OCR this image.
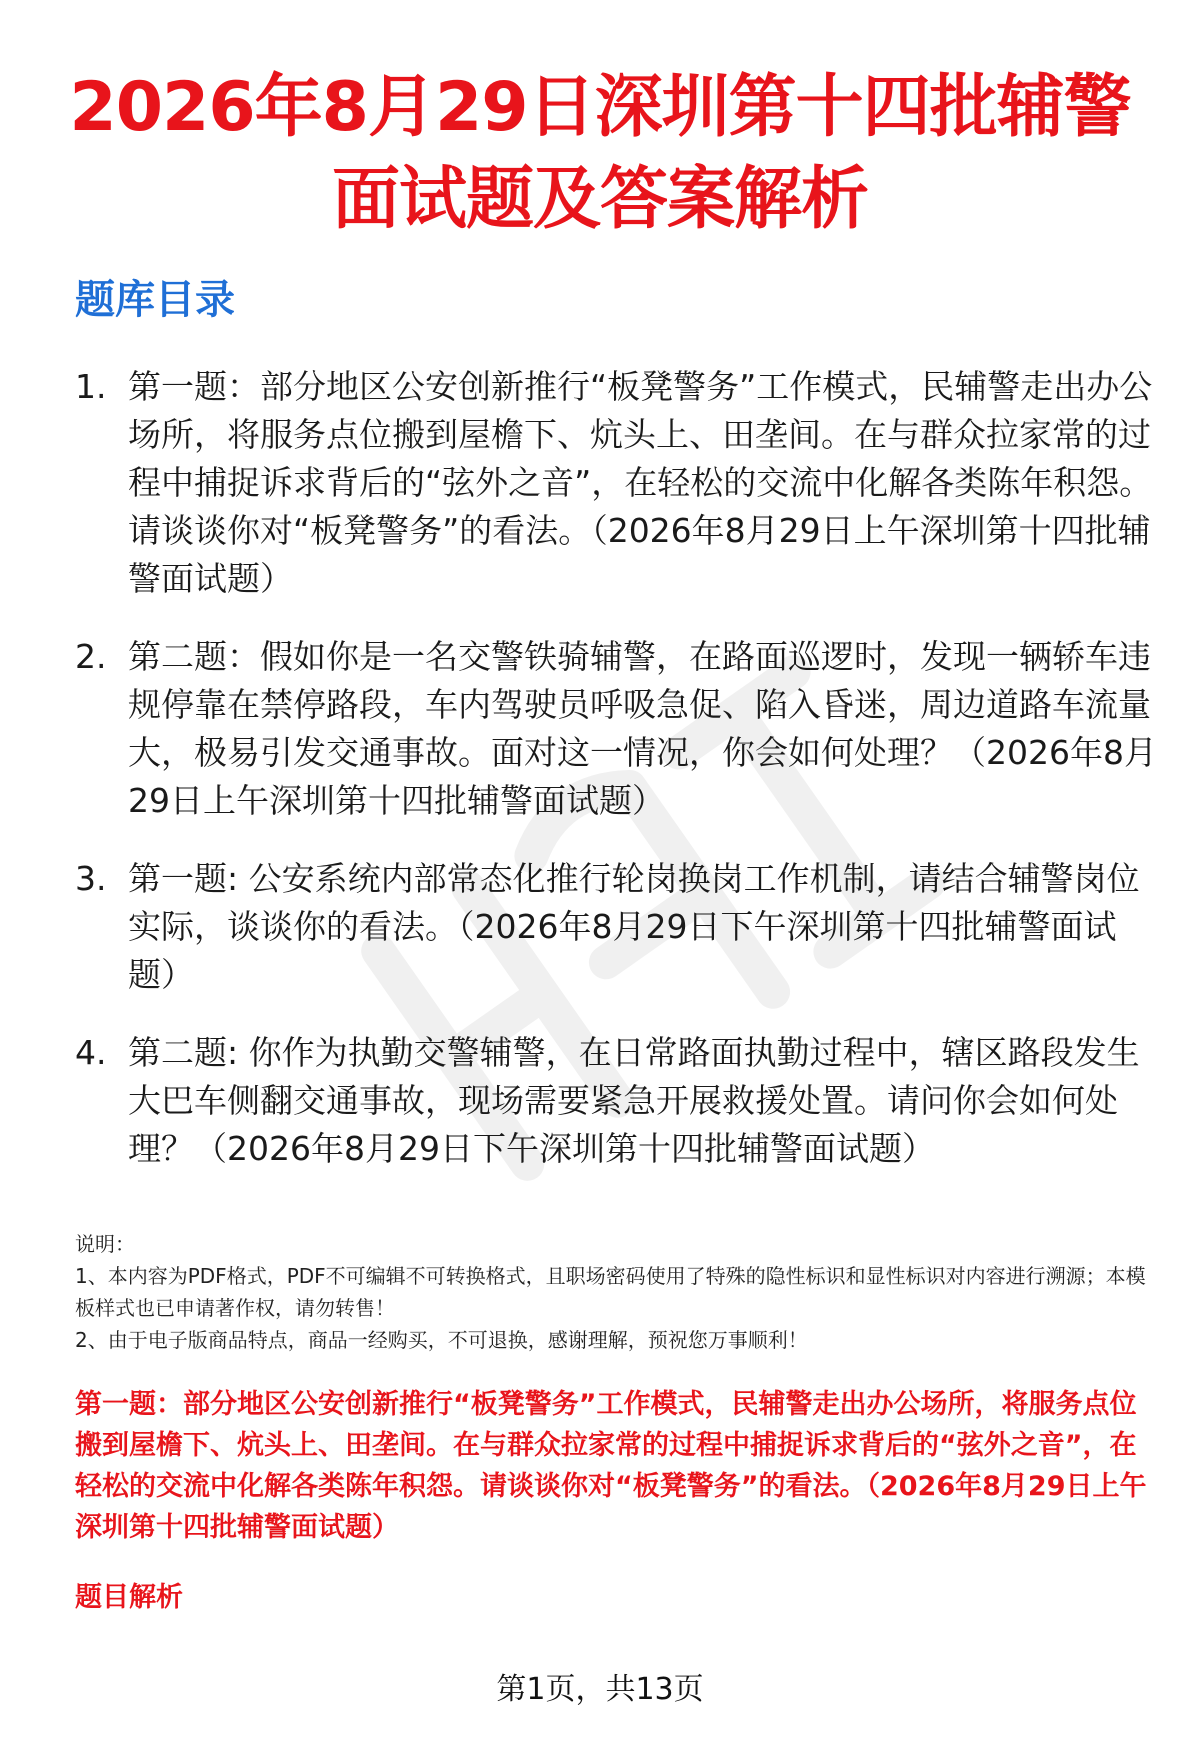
2026年8月29日深圳第十四批辅警面试题及答案解析
题库目录
1. 第一题：部分地区公安创新推行“板凳警务”工作模式，民辅警走出办公场所，将服务点位搬到屋檐下、炕头上、田垄间。在与群众拉家常的过程中捕捉诉求背后的“弦外之音”，在轻松的交流中化解各类陈年积怨。请谈谈你对“板凳警务”的看法。（2026年8月29日上午深圳第十四批辅警面试题）
2. 第二题：假如你是一名交警铁骑辅警，在路面巡逻时，发现一辆轿车违规停靠在禁停路段，车内驾驶员呼吸急促、陷入昏迷，周边道路车流量大，极易引发交通事故。面对这一情况，你会如何处理？（2026年8月29日上午深圳第十四批辅警面试题）
3. 第一题: 公安系统内部常态化推行轮岗换岗工作机制，请结合辅警岗位实际，谈谈你的看法。（2026年8月29日下午深圳第十四批辅警面试题）
4. 第二题: 你作为执勤交警辅警，在日常路面执勤过程中，辖区路段发生大巴车侧翻交通事故，现场需要紧急开展救援处置。请问你会如何处理？（2026年8月29日下午深圳第十四批辅警面试题）
说明：
1、本内容为PDF格式，PDF不可编辑不可转换格式，且职场密码使用了特殊的隐性标识和显性标识对内容进行溯源；本模板样式也已申请著作权，请勿转售！
2、由于电子版商品特点，商品一经购买，不可退换，感谢理解，预祝您万事顺利！
第一题：部分地区公安创新推行“板凳警务”工作模式，民辅警走出办公场所，将服务点位搬到屋檐下、炕头上、田垄间。在与群众拉家常的过程中捕捉诉求背后的“弦外之音”，在轻松的交流中化解各类陈年积怨。请谈谈你对“板凳警务”的看法。（2026年8月29日上午深圳第十四批辅警面试题）
题目解析
第1页，共13页
